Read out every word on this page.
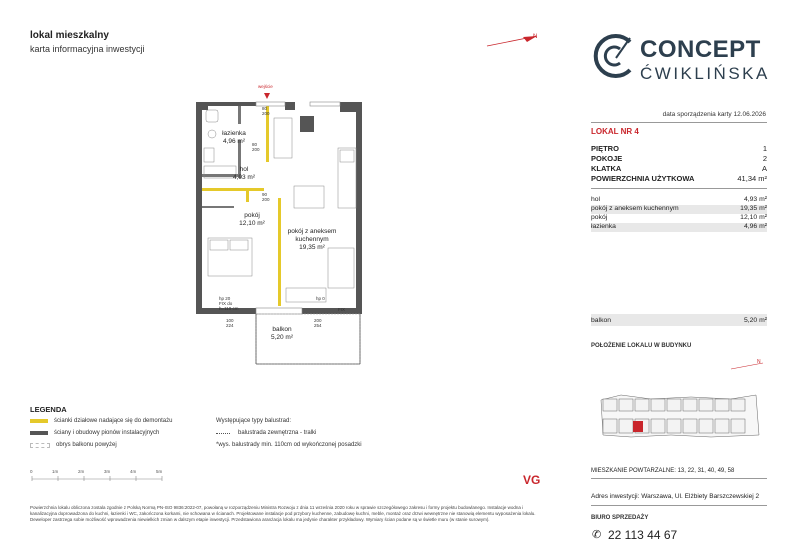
lokal mieszkalny
karta informacyjna inwestycji
N	CONCEPT
ĆWIKLIŃSKA
data sporządzenia karty 12.06.2026
LOKAL NR 4
PIĘTRO	1
POKOJE	2
KLATKA	A
POWIERZCHNIA UŻYTKOWA	41,34 m²
hol	4,93 m²
pokój z aneksem kuchennym	19,35 m²
pokój	12,10 m²
łazienka	4,96 m²
balkon	5,20 m²
POŁOŻENIE LOKALU W BUDYNKU
N
MIESZKANIE POWTARZALNE: 13, 22, 31, 40, 49, 58
Adres inwestycji: Warszawa, Ul. Elżbiety Barszczewskiej 2
BIURO SPRZEDAŻY
✆ 22 113 44 67
wejście
łazienka
4,96 m²
hol
4,93 m²
pokój
12,10 m²
pokój z aneksem
kuchennym
19,35 m²
balkon
5,20 m²
80
200
80
200
90
200
hp 20
FIX do
h=110 cm
100
224
hp 0
200
254
FIX
LEGENDA
ścianki działowe nadające się do demontażu
ściany i obudowy pionów instalacyjnych
obrys balkonu powyżej
Występujące typy balustrad:
balustrada zewnętrzna - tralki
*wys. balustrady min. 110cm od wykończonej posadzki
0	1m	2m	3m	4m	5m
VG
Powierzchnia lokalu obliczona zostala zgodnie z Polską Normą PN-ISO 9836:2022-07, powołaną w rozporządzeniu Ministra Rozwoju z dnia 11 września 2020 roku w sprawie szczegółowego zakresu i formy projektu budowlanego. Instalacje wodna i kanalizacyjna doprowadzona do kuchni, łazienki i WC, zakończona korkami, nie schowana w ścianach. Projektowane instalacje pod przybory kuchenne, zabudowę kuchni, meble, montaż oraz drzwi wewnętrzne nie stanowią elementu wyposażenia lokalu. Deweloper zastrzega sobie możliwość wprowadzenia niewielkich zmian w dalszym etapie inwestycji. Przedstawiona aranżacja lokalu ma jedynie charakter przykładowy. Wymiary ścian podane są w świetle muru (w stanie surowym).
